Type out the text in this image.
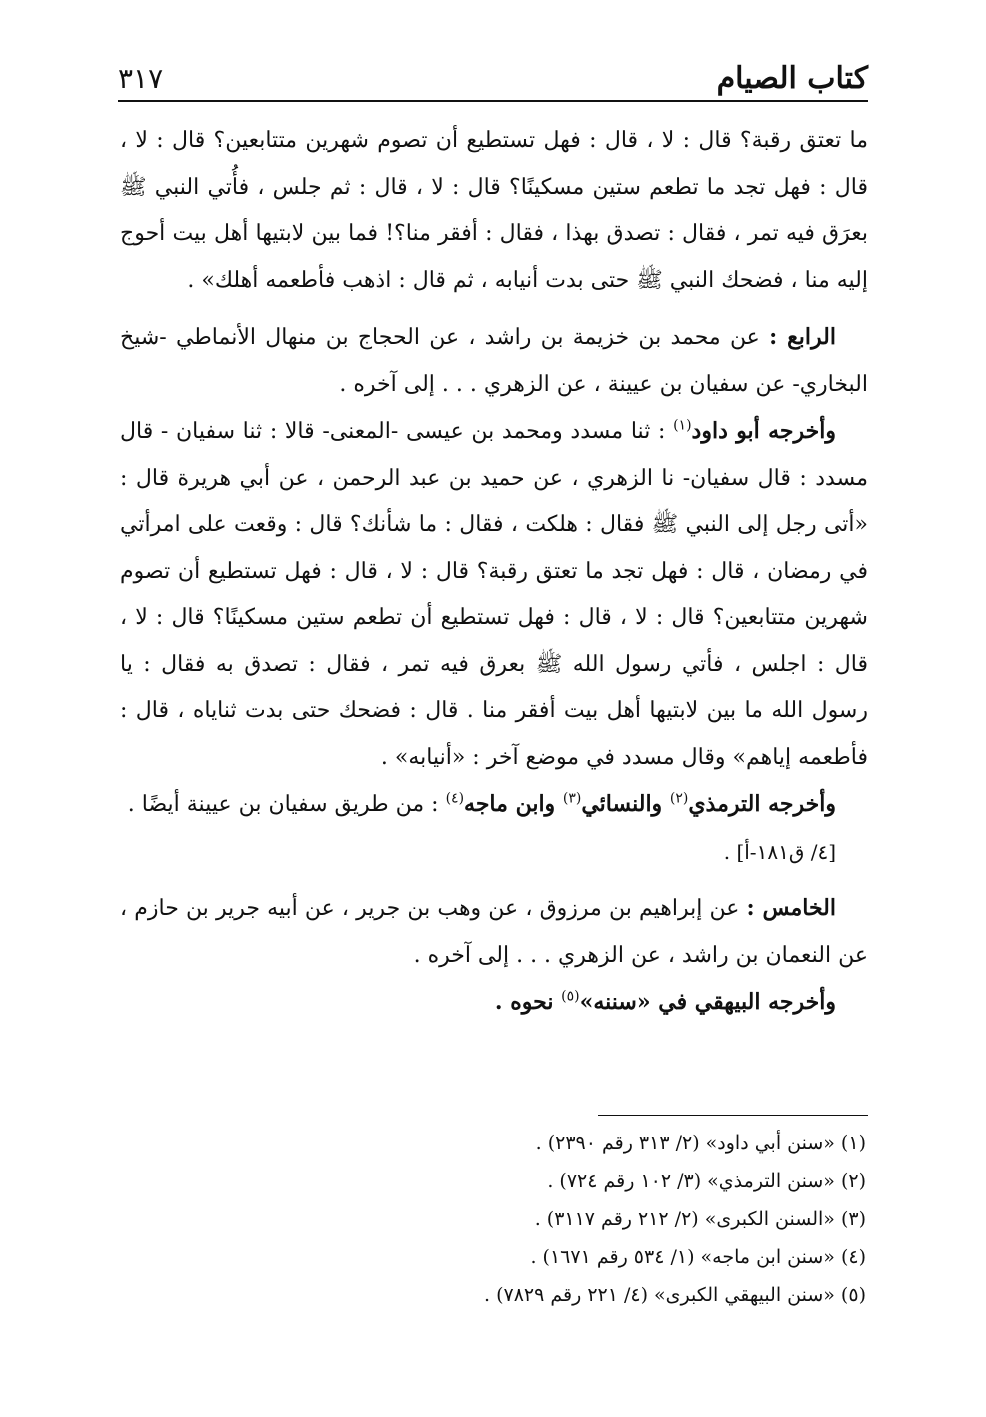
كتاب الصيام
٣١٧

ما تعتق رقبة؟ قال : لا ، قال : فهل تستطيع أن تصوم شهرين متتابعين؟ قال : لا ، قال : فهل تجد ما تطعم ستين مسكينًا؟ قال : لا ، قال : ثم جلس ، فأُتي النبي ﷺ بعرَق فيه تمر ، فقال : تصدق بهذا ، فقال : أفقر منا؟! فما بين لابتيها أهل بيت أحوج إليه منا ، فضحك النبي ﷺ حتى بدت أنيابه ، ثم قال : اذهب فأطعمه أهلك» .

الرابع : عن محمد بن خزيمة بن راشد ، عن الحجاج بن منهال الأنماطي -شيخ البخاري- عن سفيان بن عيينة ، عن الزهري . . . إلى آخره .

وأخرجه أبو داود$^{(١)}$ : ثنا مسدد ومحمد بن عيسى -المعنى- قالا : ثنا سفيان - قال مسدد : قال سفيان- نا الزهري ، عن حميد بن عبد الرحمن ، عن أبي هريرة قال : «أتى رجل إلى النبي ﷺ فقال : هلكت ، فقال : ما شأنك؟ قال : وقعت على امرأتي في رمضان ، قال : فهل تجد ما تعتق رقبة؟ قال : لا ، قال : فهل تستطيع أن تصوم شهرين متتابعين؟ قال : لا ، قال : فهل تستطيع أن تطعم ستين مسكينًا؟ قال : لا ، قال : اجلس ، فأتي رسول الله ﷺ بعرق فيه تمر ، فقال : تصدق به فقال : يا رسول الله ما بين لابتيها أهل بيت أفقر منا . قال : فضحك حتى بدت ثناياه ، قال : فأطعمه إياهم» وقال مسدد في موضع آخر : «أنيابه» .

وأخرجه الترمذي$^{(٢)}$ والنسائي$^{(٣)}$ وابن ماجه$^{(٤)}$ : من طريق سفيان بن عيينة أيضًا .

[٤/ ق١٨١-أ] .

الخامس : عن إبراهيم بن مرزوق ، عن وهب بن جرير ، عن أبيه جرير بن حازم ، عن النعمان بن راشد ، عن الزهري . . . إلى آخره .

وأخرجه البيهقي في «سننه»$^{(٥)}$ نحوه .

(١) «سنن أبي داود» (٢/ ٣١٣ رقم ٢٣٩٠) .

(٢) «سنن الترمذي» (٣/ ١٠٢ رقم ٧٢٤) .

(٣) «السنن الكبرى» (٢/ ٢١٢ رقم ٣١١٧) .

(٤) «سنن ابن ماجه» (١/ ٥٣٤ رقم ١٦٧١) .

(٥) «سنن البيهقي الكبرى» (٤/ ٢٢١ رقم ٧٨٢٩) .
